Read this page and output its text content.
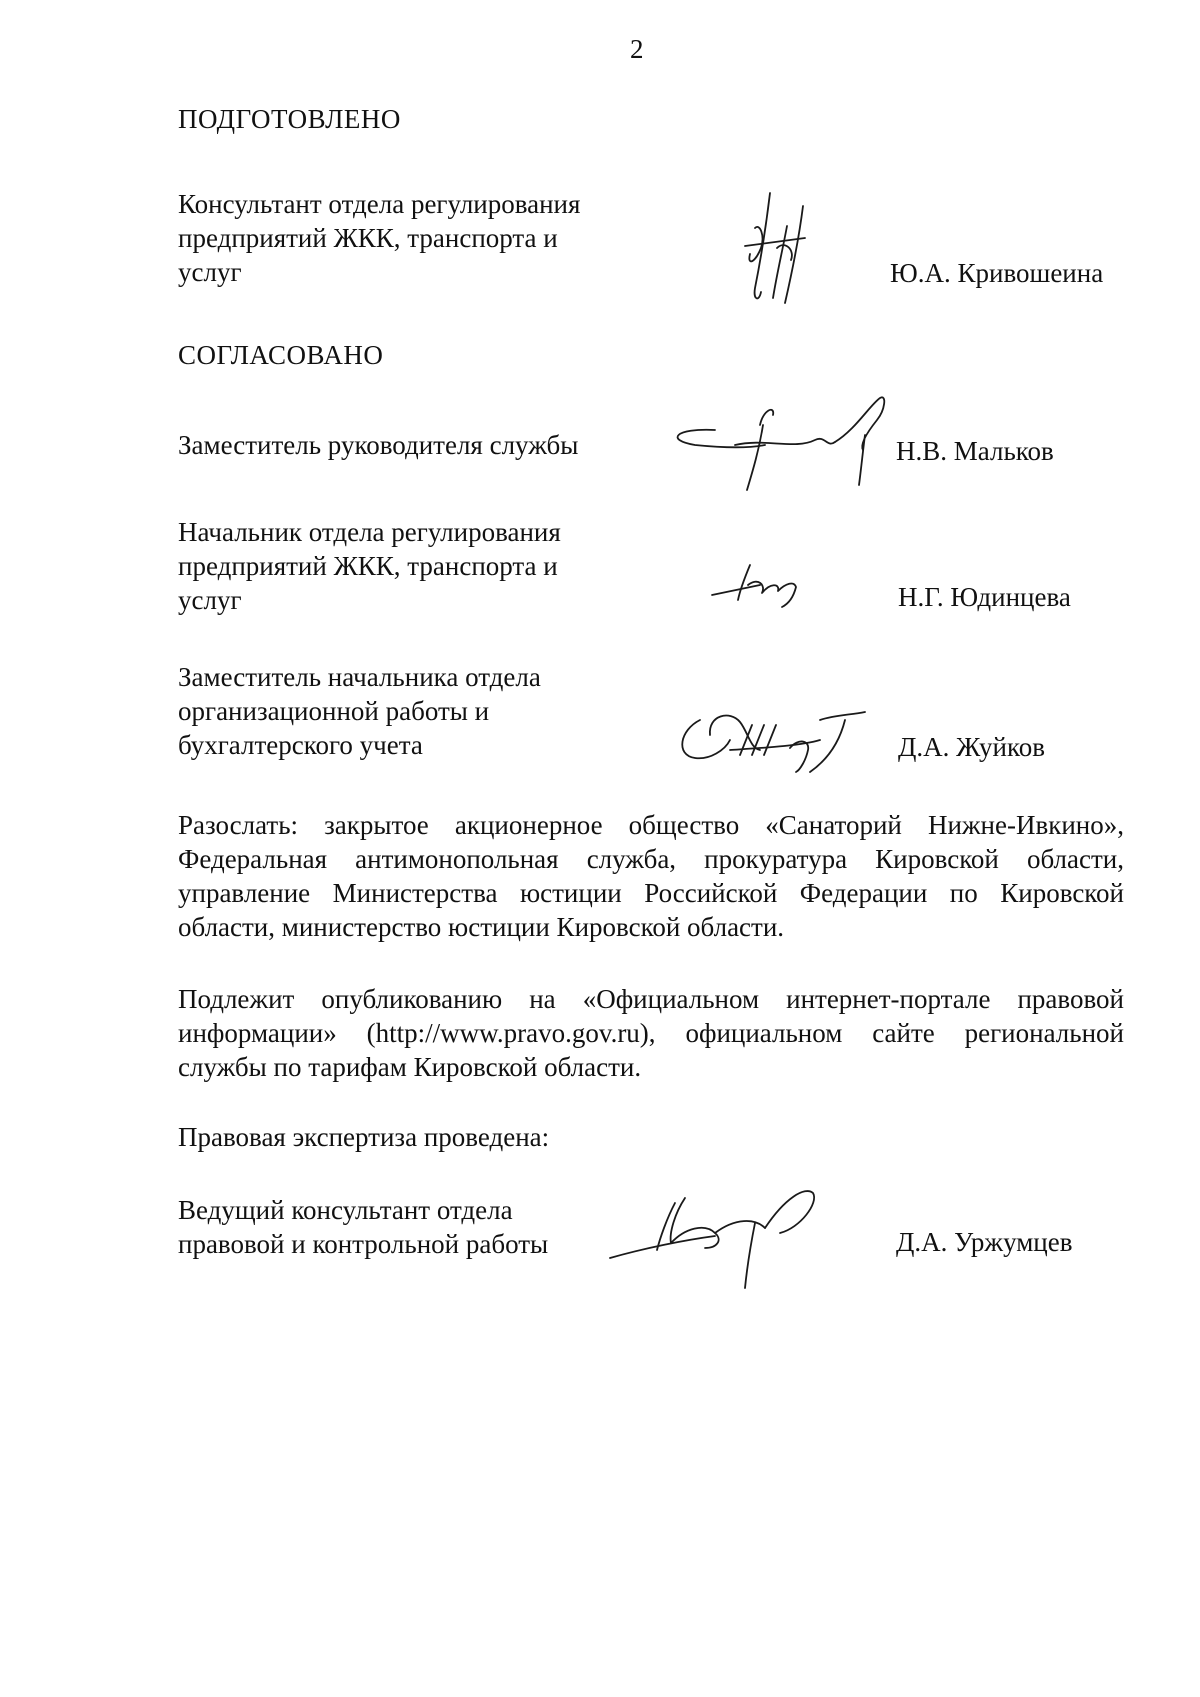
2
ПОДГОТОВЛЕНО
Консультант отдела регулирования предприятий ЖКК, транспорта и услуг	Ю.А. Кривошеина
СОГЛАСОВАНО
Заместитель руководителя службы	Н.В. Мальков
Начальник отдела регулирования предприятий ЖКК, транспорта и услуг	Н.Г. Юдинцева
Заместитель начальника отдела организационной работы и бухгалтерского учета	Д.А. Жуйков
Разослать: закрытое акционерное общество «Санаторий Нижне-Ивкино», Федеральная антимонопольная служба, прокуратура Кировской области, управление Министерства юстиции Российской Федерации по Кировской области, министерство юстиции Кировской области.
Подлежит опубликованию на «Официальном интернет-портале правовой информации» (http://www.pravo.gov.ru), официальном сайте региональной службы по тарифам Кировской области.
Правовая экспертиза проведена:
Ведущий консультант отдела правовой и контрольной работы	Д.А. Уржумцев
